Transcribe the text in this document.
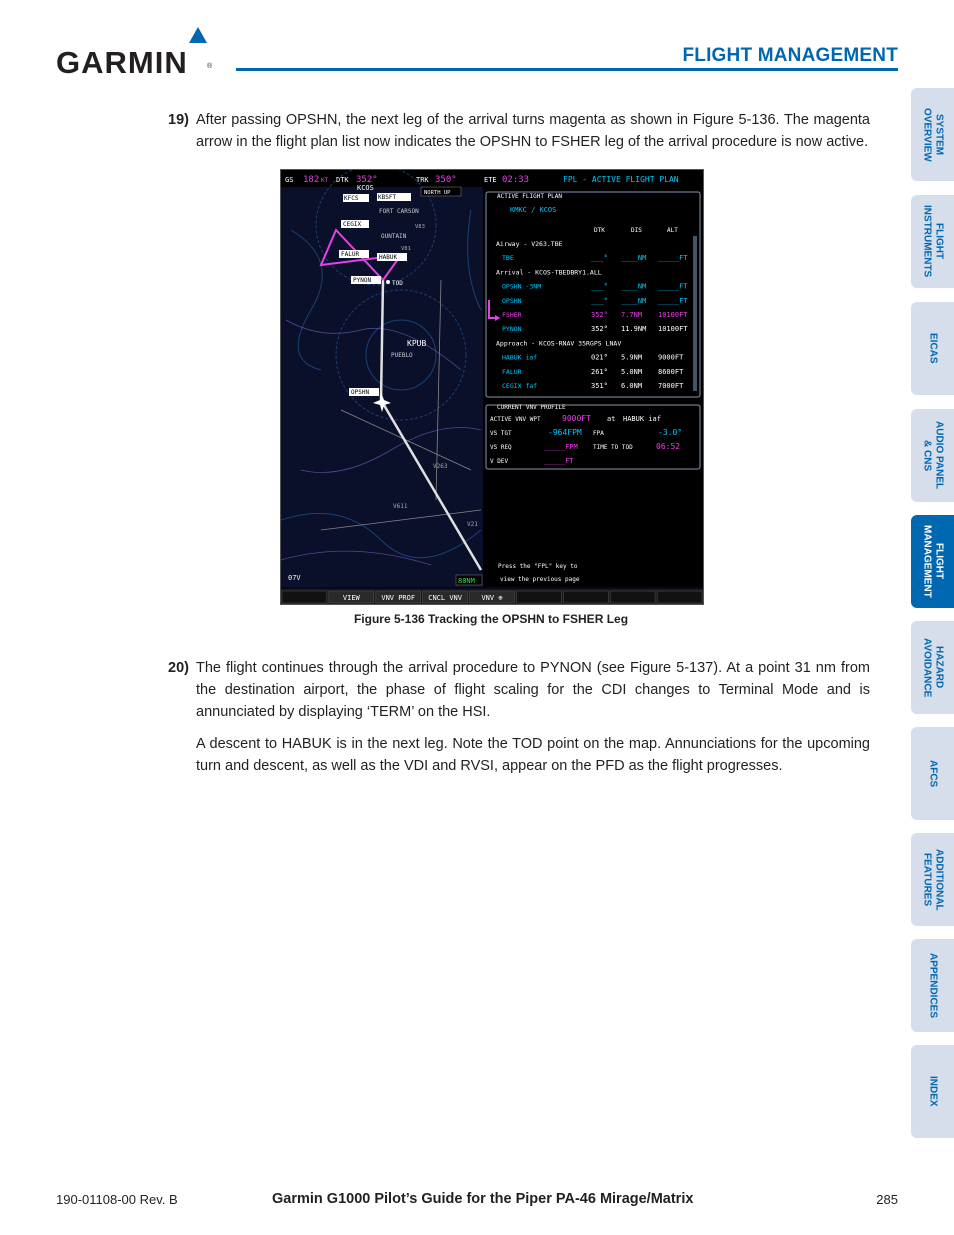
GARMIN	®
FLIGHT MANAGEMENT
SYSTEM
OVERVIEW
FLIGHT
INSTRUMENTS
EICAS
AUDIO PANEL
& CNS
FLIGHT
MANAGEMENT
HAZARD
AVOIDANCE
AFCS
ADDITIONAL
FEATURES
APPENDICES
INDEX
19) After passing OPSHN, the next leg of the arrival turns magenta as shown in Figure 5-136. The magenta arrow in the flight plan list now indicates the OPSHN to FSHER leg of the arrival procedure is now active.
GS 182 KT DTK 352°	TRK 350°	ETE 02:33	FPL - ACTIVE FLIGHT PLAN
NORTH UP
KCOS
KFCS	KBSFT
FORT CARSON
CEGIX
OUNTAIN
V83
V81
FALUR	HABUK
PYNON	TOD
KPUB
PUEBLO
OPSHN
V263
V611
V21
07V	80NM
ACTIVE FLIGHT PLAN
KMKC / KCOS
DTK	DIS	ALT
Airway - V263.TBE
TBE	___° ____NM _____FT
Arrival - KCOS-TBEDBRY1.ALL
OPSHN -3NM	___° ____NM _____FT
OPSHN	___° ____NM _____FT
FSHER	352° 7.7NM 10100FT
PYNON	352° 11.9NM 10100FT
Approach - KCOS-RNAV 35RGPS LNAV
HABUK iaf	021° 5.9NM 9000FT
FALUR	261° 5.0NM 8600FT
CEGIX faf	351° 6.0NM 7000FT
CURRENT VNV PROFILE
ACTIVE VNV WPT	9000FT at HABUK iaf
VS TGT	-964FPM FPA	-3.0°
VS REQ	_____FPM	TIME TO TOD	06:52
V DEV	_____FT
Press the "FPL" key to
view the previous page
VIEW	VNV PROF CNCL VNV	VNV ⊕
Figure 5-136 Tracking the OPSHN to FSHER Leg
20) The flight continues through the arrival procedure to PYNON (see Figure 5-137). At a point 31 nm from the destination airport, the phase of flight scaling for the CDI changes to Terminal Mode and is annunciated by displaying ‘TERM’ on the HSI.
A descent to HABUK is in the next leg. Note the TOD point on the map. Annunciations for the upcoming turn and descent, as well as the VDI and RVSI, appear on the PFD as the flight progresses.
190-01108-00 Rev. B	Garmin G1000 Pilot’s Guide for the Piper PA-46 Mirage/Matrix	285
